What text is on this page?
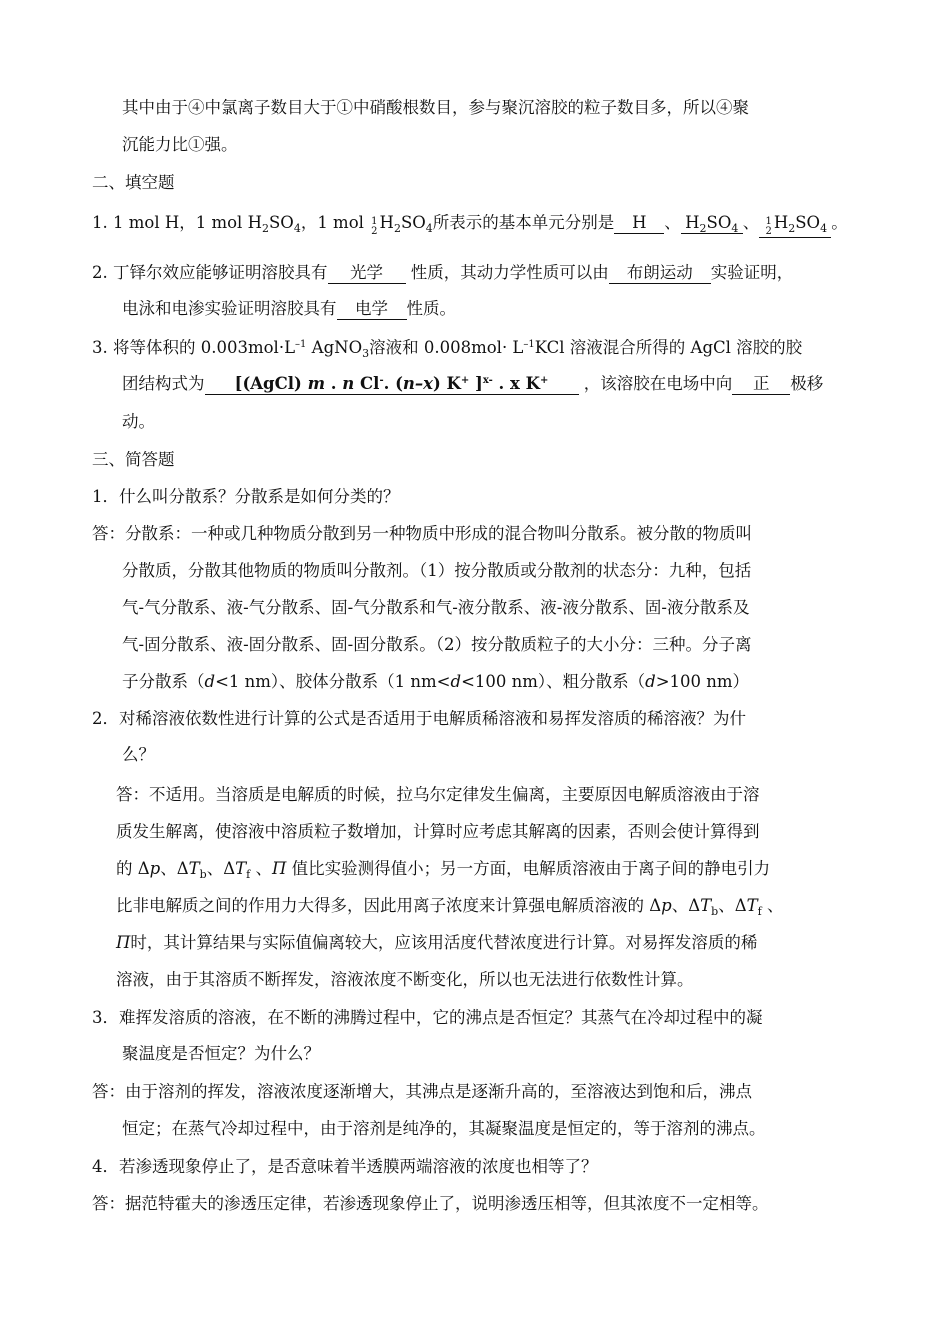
其中由于④中氯离子数目大于①中硝酸根数目，参与聚沉溶胶的粒子数目多，所以④聚
沉能力比①强。
二、填空题
1. 1 mol H，1 mol $H_2SO_4$，1 mol 1
2 $H_2SO_4$所表示的基本单元分别是 H 、 $H_2SO_4$ 、 1
2 $H_2SO_4$ 。
2. 丁铎尔效应能够证明溶胶具有 光学 性质，其动力学性质可以由 布朗运动 实验证明，
电泳和电渗实验证明溶胶具有 电学 性质。
3. 将等体积的 $0.003mol\cdot L^{-1}$ AgNO$_3$溶液和 $0.008mol\cdot L^{-1}KCl$ 溶液混合所得的 AgCl 溶胶的胶
团结构式为 [(AgCl) m . n Cl-. (n–x) K+ ]$^{x-}$ . x K+ ，该溶胶在电场中向 正 极移
动。
三、简答题
1．什么叫分散系？分散系是如何分类的？
答：分散系：一种或几种物质分散到另一种物质中形成的混合物叫分散系。被分散的物质叫
分散质，分散其他物质的物质叫分散剂。（1）按分散质或分散剂的状态分：九种，包括
气-气分散系、液-气分散系、固-气分散系和气-液分散系、液-液分散系、固-液分散系及
气-固分散系、液-固分散系、固-固分散系。（2）按分散质粒子的大小分：三种。分子离
子分散系（d<1 nm）、胶体分散系（1 nm<d<100 nm）、粗分散系（d>100 nm）
2．对稀溶液依数性进行计算的公式是否适用于电解质稀溶液和易挥发溶质的稀溶液？为什
么？
答：不适用。当溶质是电解质的时候，拉乌尔定律发生偏离，主要原因电解质溶液由于溶
质发生解离，使溶液中溶质粒子数增加，计算时应考虑其解离的因素，否则会使计算得到
的 Δp、$\Delta T_b$、$\Delta T_f$ 、Π 值比实验测得值小；另一方面，电解质溶液由于离子间的静电引力
比非电解质之间的作用力大得多，因此用离子浓度来计算强电解质溶液的 Δp、$\Delta T_b$、$\Delta T_f$ 、
Π时，其计算结果与实际值偏离较大，应该用活度代替浓度进行计算。对易挥发溶质的稀
溶液，由于其溶质不断挥发，溶液浓度不断变化，所以也无法进行依数性计算。
3．难挥发溶质的溶液，在不断的沸腾过程中，它的沸点是否恒定？其蒸气在冷却过程中的凝
聚温度是否恒定？为什么？
答：由于溶剂的挥发，溶液浓度逐渐增大，其沸点是逐渐升高的，至溶液达到饱和后，沸点
恒定；在蒸气冷却过程中，由于溶剂是纯净的，其凝聚温度是恒定的，等于溶剂的沸点。
4．若渗透现象停止了，是否意味着半透膜两端溶液的浓度也相等了？
答：据范特霍夫的渗透压定律，若渗透现象停止了，说明渗透压相等，但其浓度不一定相等。
